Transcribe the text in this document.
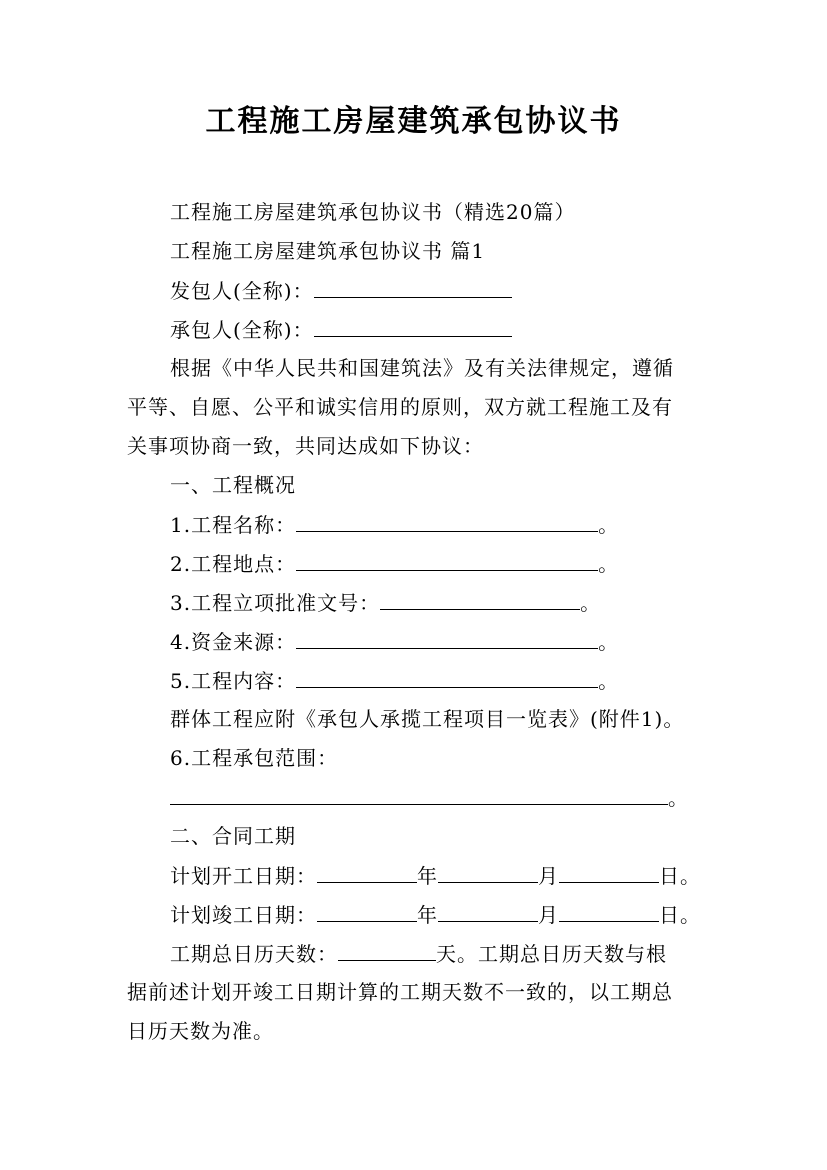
工程施工房屋建筑承包协议书
工程施工房屋建筑承包协议书（精选20篇）
工程施工房屋建筑承包协议书 篇1
发包人(全称)：
承包人(全称)：
根据《中华人民共和国建筑法》及有关法律规定，遵循
平等、自愿、公平和诚实信用的原则，双方就工程施工及有
关事项协商一致，共同达成如下协议：
一、工程概况
1.工程名称：	。
2.工程地点：	。
3.工程立项批准文号：	。
4.资金来源：	。
5.工程内容：	。
群体工程应附《承包人承揽工程项目一览表》(附件1)。
6.工程承包范围：
。
二、合同工期
计划开工日期：	年	月	日。
计划竣工日期：	年	月	日。
工期总日历天数：	天。工期总日历天数与根
据前述计划开竣工日期计算的工期天数不一致的，以工期总
日历天数为准。
